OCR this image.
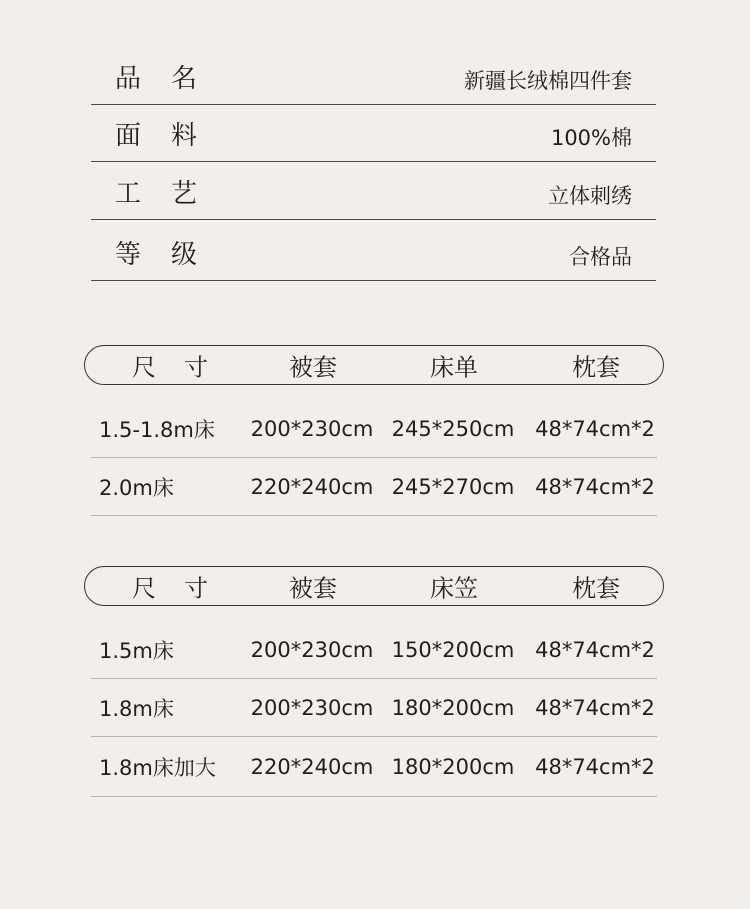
品名	新疆长绒棉四件套
面料	100%棉
工艺	立体刺绣
等级	合格品
尺寸 被套	床单	枕套
1.5-1.8m床 200*230cm 245*250cm 48*74cm*2
2.0m床	220*240cm 245*270cm 48*74cm*2
尺寸 被套	床笠	枕套
1.5m床	200*230cm 150*200cm 48*74cm*2
1.8m床	200*230cm 180*200cm 48*74cm*2
1.8m床加大 220*240cm 180*200cm 48*74cm*2
